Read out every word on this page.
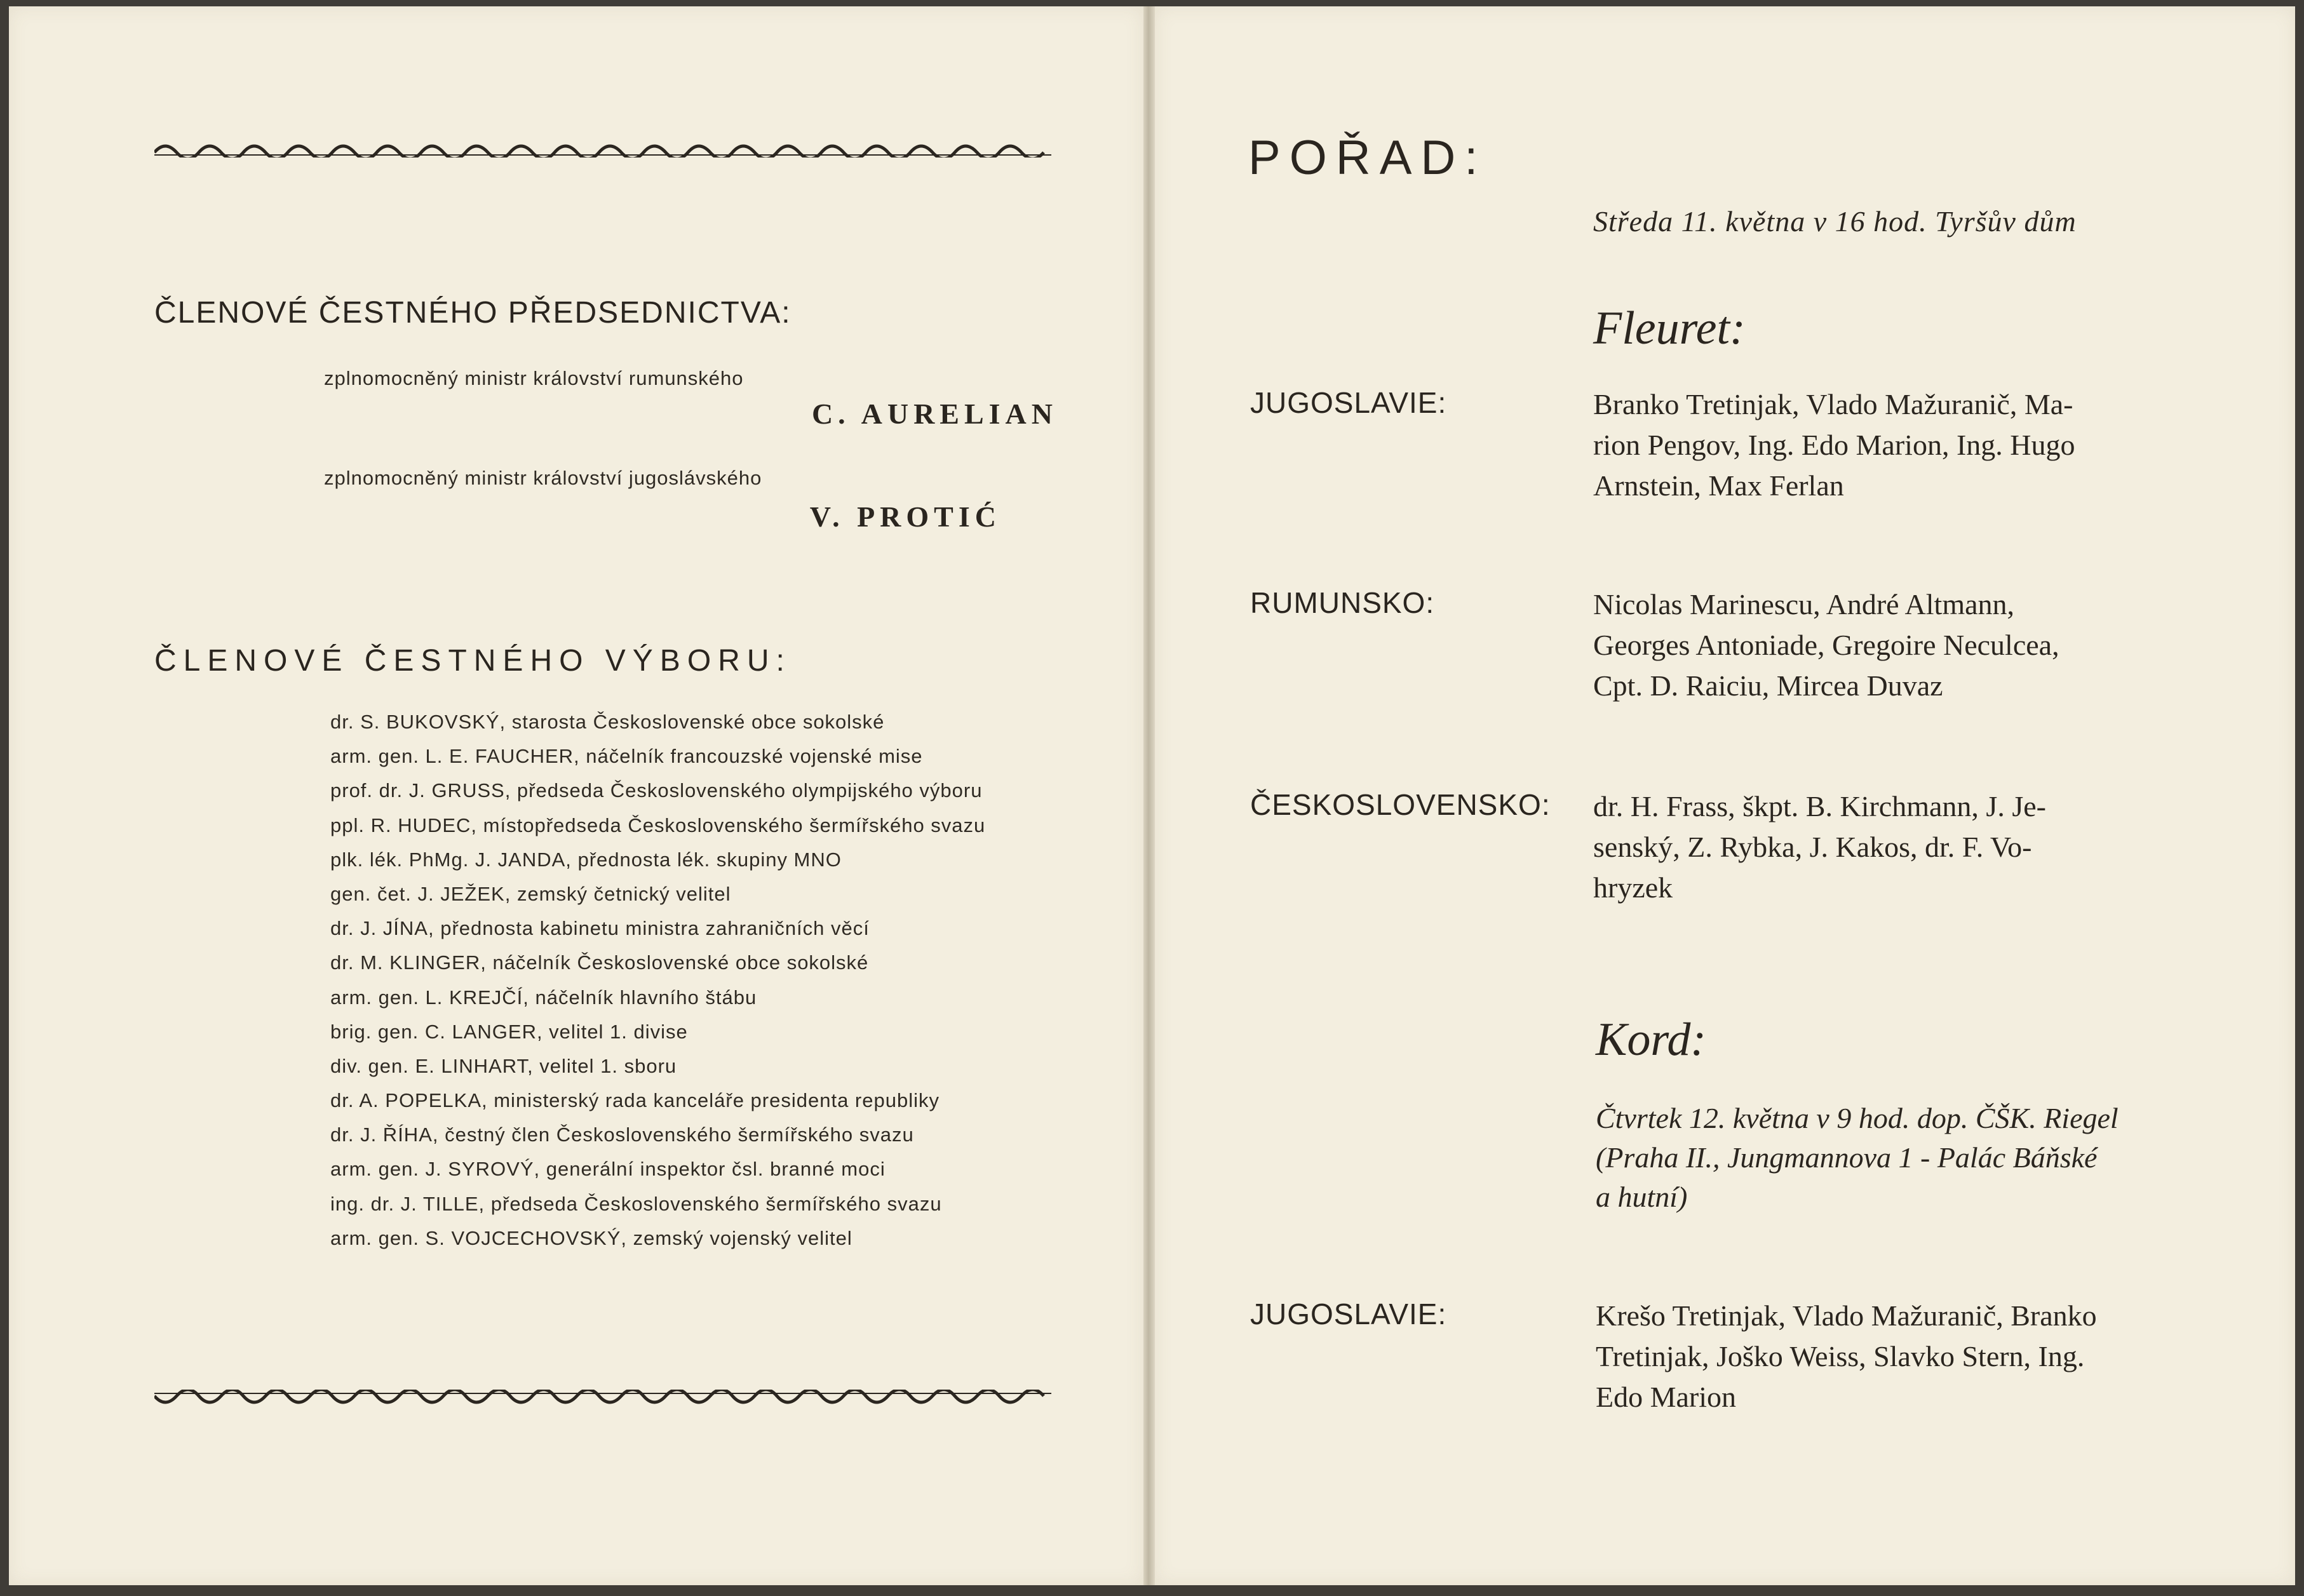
ČLENOVÉ ČESTNÉHO PŘEDSEDNICTVA:
zplnomocněný ministr království rumunského
C. AURELIAN
zplnomocněný ministr království jugoslávského
V. PROTIĆ
ČLENOVÉ ČESTNÉHO VÝBORU:
dr. S. BUKOVSKÝ, starosta Československé obce sokolské
arm. gen. L. E. FAUCHER, náčelník francouzské vojenské mise
prof. dr. J. GRUSS, předseda Československého olympijského výboru
ppl. R. HUDEC, místopředseda Československého šermířského svazu
plk. lék. PhMg. J. JANDA, přednosta lék. skupiny MNO
gen. čet. J. JEŽEK, zemský četnický velitel
dr. J. JÍNA, přednosta kabinetu ministra zahraničních věcí
dr. M. KLINGER, náčelník Československé obce sokolské
arm. gen. L. KREJČÍ, náčelník hlavního štábu
brig. gen. C. LANGER, velitel 1. divise
div. gen. E. LINHART, velitel 1. sboru
dr. A. POPELKA, ministerský rada kanceláře presidenta republiky
dr. J. ŘÍHA, čestný člen Československého šermířského svazu
arm. gen. J. SYROVÝ, generální inspektor čsl. branné moci
ing. dr. J. TILLE, předseda Československého šermířského svazu
arm. gen. S. VOJCECHOVSKÝ, zemský vojenský velitel
POŘAD:
Středa 11. května v 16 hod. Tyršův dům
Fleuret:
JUGOSLAVIE:	Branko Tretinjak, Vlado Mažuranič, Ma-
rion Pengov, Ing. Edo Marion, Ing. Hugo
Arnstein, Max Ferlan
RUMUNSKO:	Nicolas Marinescu, André Altmann,
Georges Antoniade, Gregoire Neculcea,
Cpt. D. Raiciu, Mircea Duvaz
ČESKOSLOVENSKO: dr. H. Frass, škpt. B. Kirchmann, J. Je-
senský, Z. Rybka, J. Kakos, dr. F. Vo-
hryzek
Kord:
Čtvrtek 12. května v 9 hod. dop. ČŠK. Riegel
(Praha II., Jungmannova 1 - Palác Báňské
a hutní)
JUGOSLAVIE:	Krešo Tretinjak, Vlado Mažuranič, Branko
Tretinjak, Joško Weiss, Slavko Stern, Ing.
Edo Marion
